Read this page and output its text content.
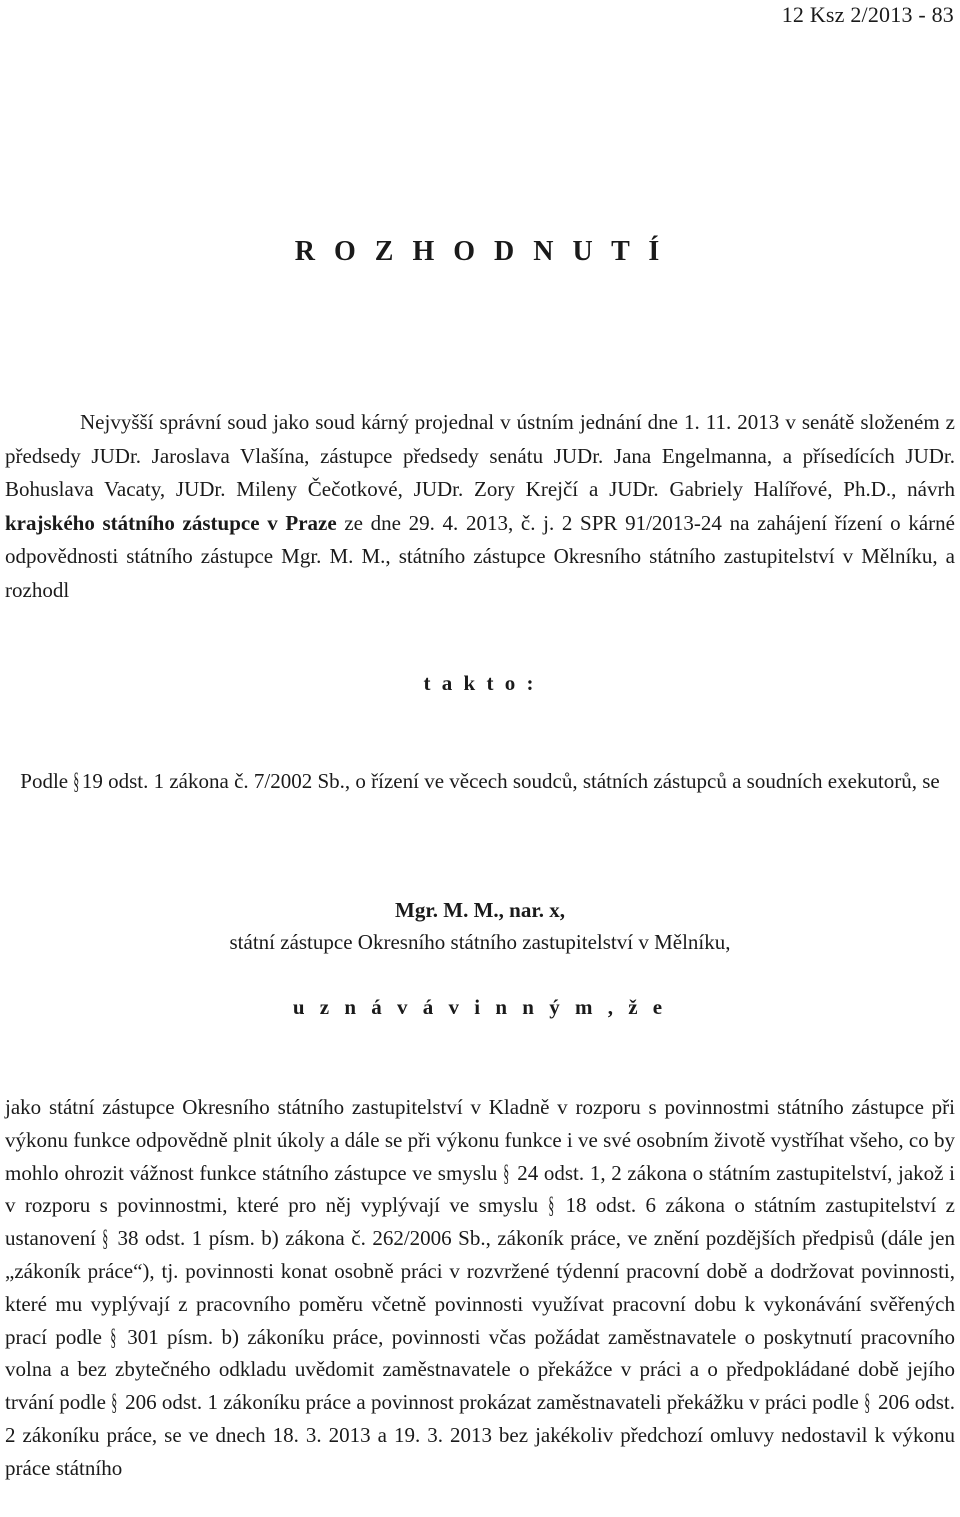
12 Ksz 2/2013 - 83
R O Z H O D N U T Í
Nejvyšší správní soud jako soud kárný projednal v ústním jednání dne 1. 11. 2013 v senátě složeném z předsedy JUDr. Jaroslava Vlašína, zástupce předsedy senátu JUDr. Jana Engelmanna, a přísedících JUDr. Bohuslava Vacaty, JUDr. Mileny Čečotkové, JUDr. Zory Krejčí a JUDr. Gabriely Halířové, Ph.D., návrh krajského státního zástupce v Praze ze dne 29. 4. 2013, č. j. 2 SPR 91/2013-24 na zahájení řízení o kárné odpovědnosti státního zástupce Mgr. M. M., státního zástupce Okresního státního zastupitelství v Mělníku, a rozhodl
t a k t o :
Podle § 19 odst. 1 zákona č. 7/2002 Sb., o řízení ve věcech soudců, státních zástupců a soudních exekutorů, se
Mgr. M. M., nar. x,
státní zástupce Okresního státního zastupitelství v Mělníku,
u z n á v á v i n n ý m , ž e
jako státní zástupce Okresního státního zastupitelství v Kladně v rozporu s povinnostmi státního zástupce při výkonu funkce odpovědně plnit úkoly a dále se při výkonu funkce i ve své osobním životě vystříhat všeho, co by mohlo ohrozit vážnost funkce státního zástupce ve smyslu § 24 odst. 1, 2 zákona o státním zastupitelství, jakož i v rozporu s povinnostmi, které pro něj vyplývají ve smyslu § 18 odst. 6 zákona o státním zastupitelství z ustanovení § 38 odst. 1 písm. b) zákona č. 262/2006 Sb., zákoník práce, ve znění pozdějších předpisů (dále jen „zákoník práce“), tj. povinnosti konat osobně práci v rozvržené týdenní pracovní době a dodržovat povinnosti, které mu vyplývají z pracovního poměru včetně povinnosti využívat pracovní dobu k vykonávání svěřených prací podle § 301 písm. b) zákoníku práce, povinnosti včas požádat zaměstnavatele o poskytnutí pracovního volna a bez zbytečného odkladu uvědomit zaměstnavatele o překážce v práci a o předpokládané době jejího trvání podle § 206 odst. 1 zákoníku práce a povinnost prokázat zaměstnavateli překážku v práci podle § 206 odst. 2 zákoníku práce, se ve dnech 18. 3. 2013 a 19. 3. 2013 bez jakékoliv předchozí omluvy nedostavil k výkonu práce státního
